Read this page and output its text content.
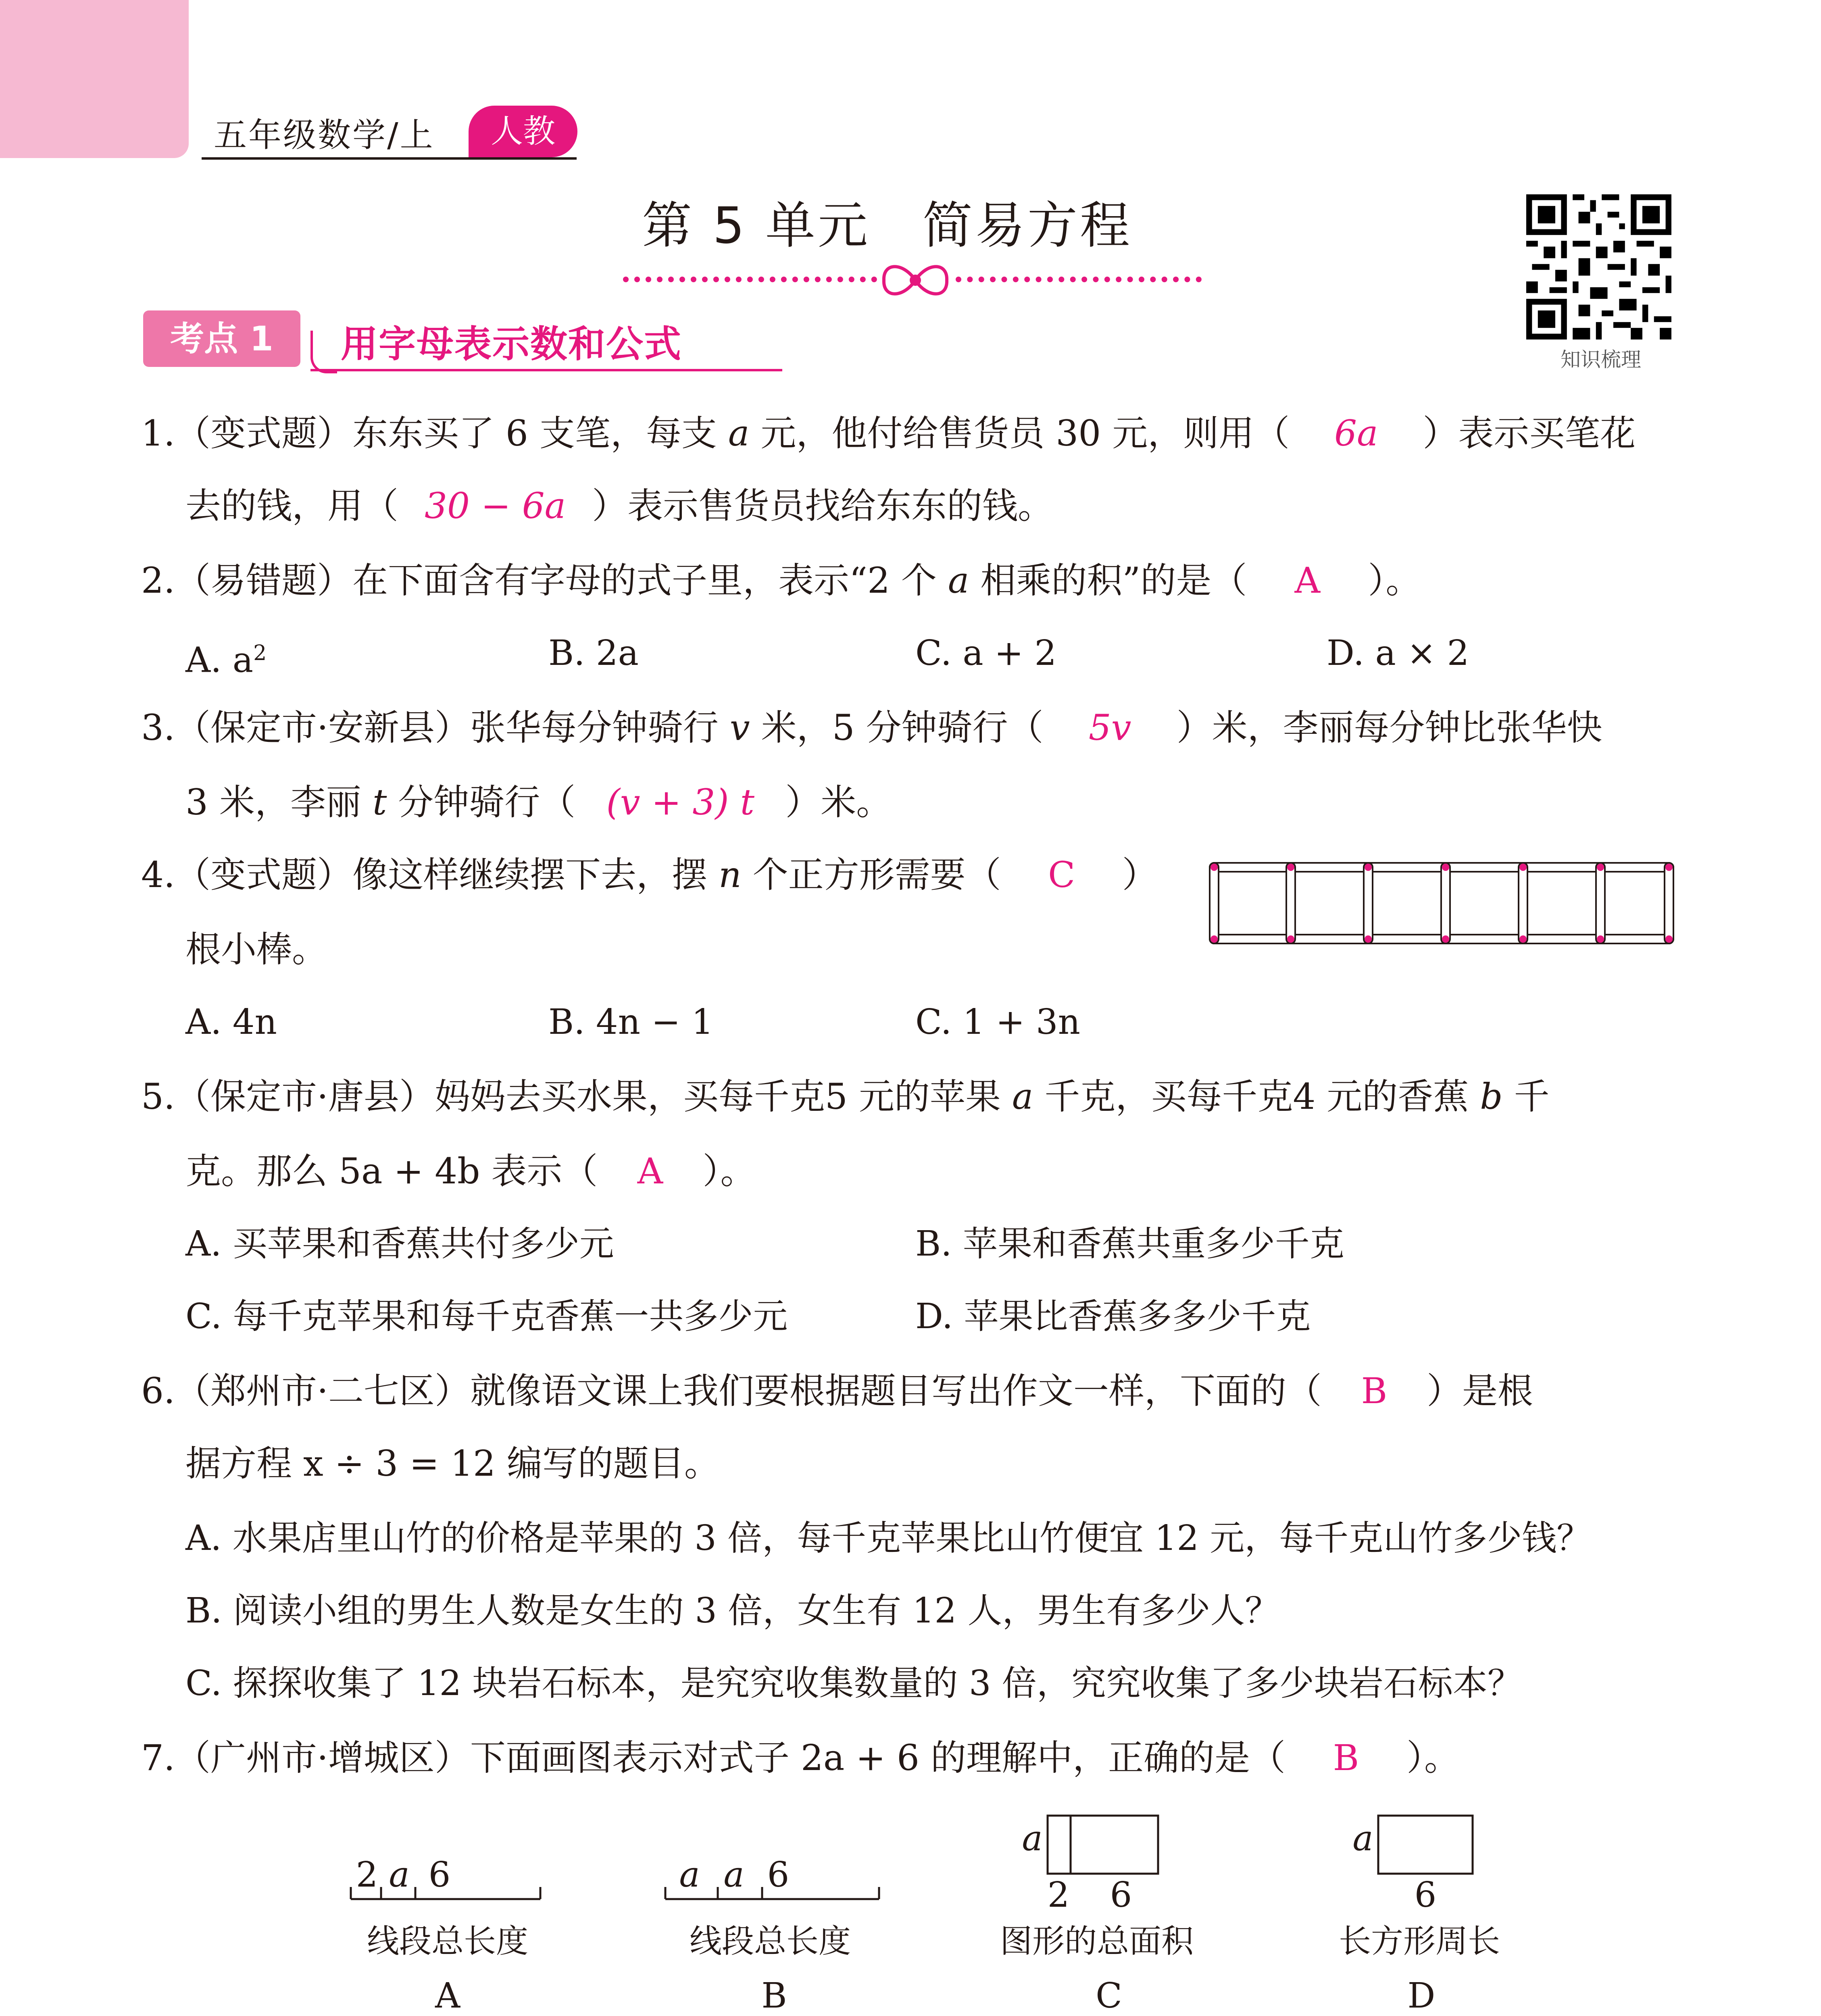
五年级数学/上	人教
第 5 单元　简易方程
知识梳理
考点 1	用字母表示数和公式
1.（变式题）东东买了 6 支笔，每支 a 元，他付给售货员 30 元，则用（ 6a ）表示买笔花
去的钱，用（ 30 − 6a ）表示售货员找给东东的钱。
2.（易错题）在下面含有字母的式子里，表示“2 个 a 相乘的积”的是（ A ）。
A. $a^2$	B. 2a	C. a + 2	D. a × 2
3.（保定市·安新县）张华每分钟骑行 v 米，5 分钟骑行（ 5v ）米，李丽每分钟比张华快
3 米，李丽 t 分钟骑行（ (v + 3) t ）米。
4.（变式题）像这样继续摆下去，摆 n 个正方形需要（ C ）
根小棒。
A. 4n	B. 4n − 1	C. 1 + 3n
5.（保定市·唐县）妈妈去买水果，买每千克5 元的苹果 a 千克，买每千克4 元的香蕉 b 千
克。那么 5a + 4b 表示（ A ）。
A. 买苹果和香蕉共付多少元	B. 苹果和香蕉共重多少千克
C. 每千克苹果和每千克香蕉一共多少元	D. 苹果比香蕉多多少千克
6.（郑州市·二七区）就像语文课上我们要根据题目写出作文一样，下面的（ B ）是根
据方程 x ÷ 3 = 12 编写的题目。
A. 水果店里山竹的价格是苹果的 3 倍，每千克苹果比山竹便宜 12 元，每千克山竹多少钱？
B. 阅读小组的男生人数是女生的 3 倍，女生有 12 人，男生有多少人？
C. 探探收集了 12 块岩石标本，是究究收集数量的 3 倍，究究收集了多少块岩石标本？
7.（广州市·增城区）下面画图表示对式子 2a + 6 的理解中，正确的是（ B ）。
2 a 6
线段总长度
A
a a 6
线段总长度
B
a
2 6
图形的总面积
C
a
6
长方形周长
D
